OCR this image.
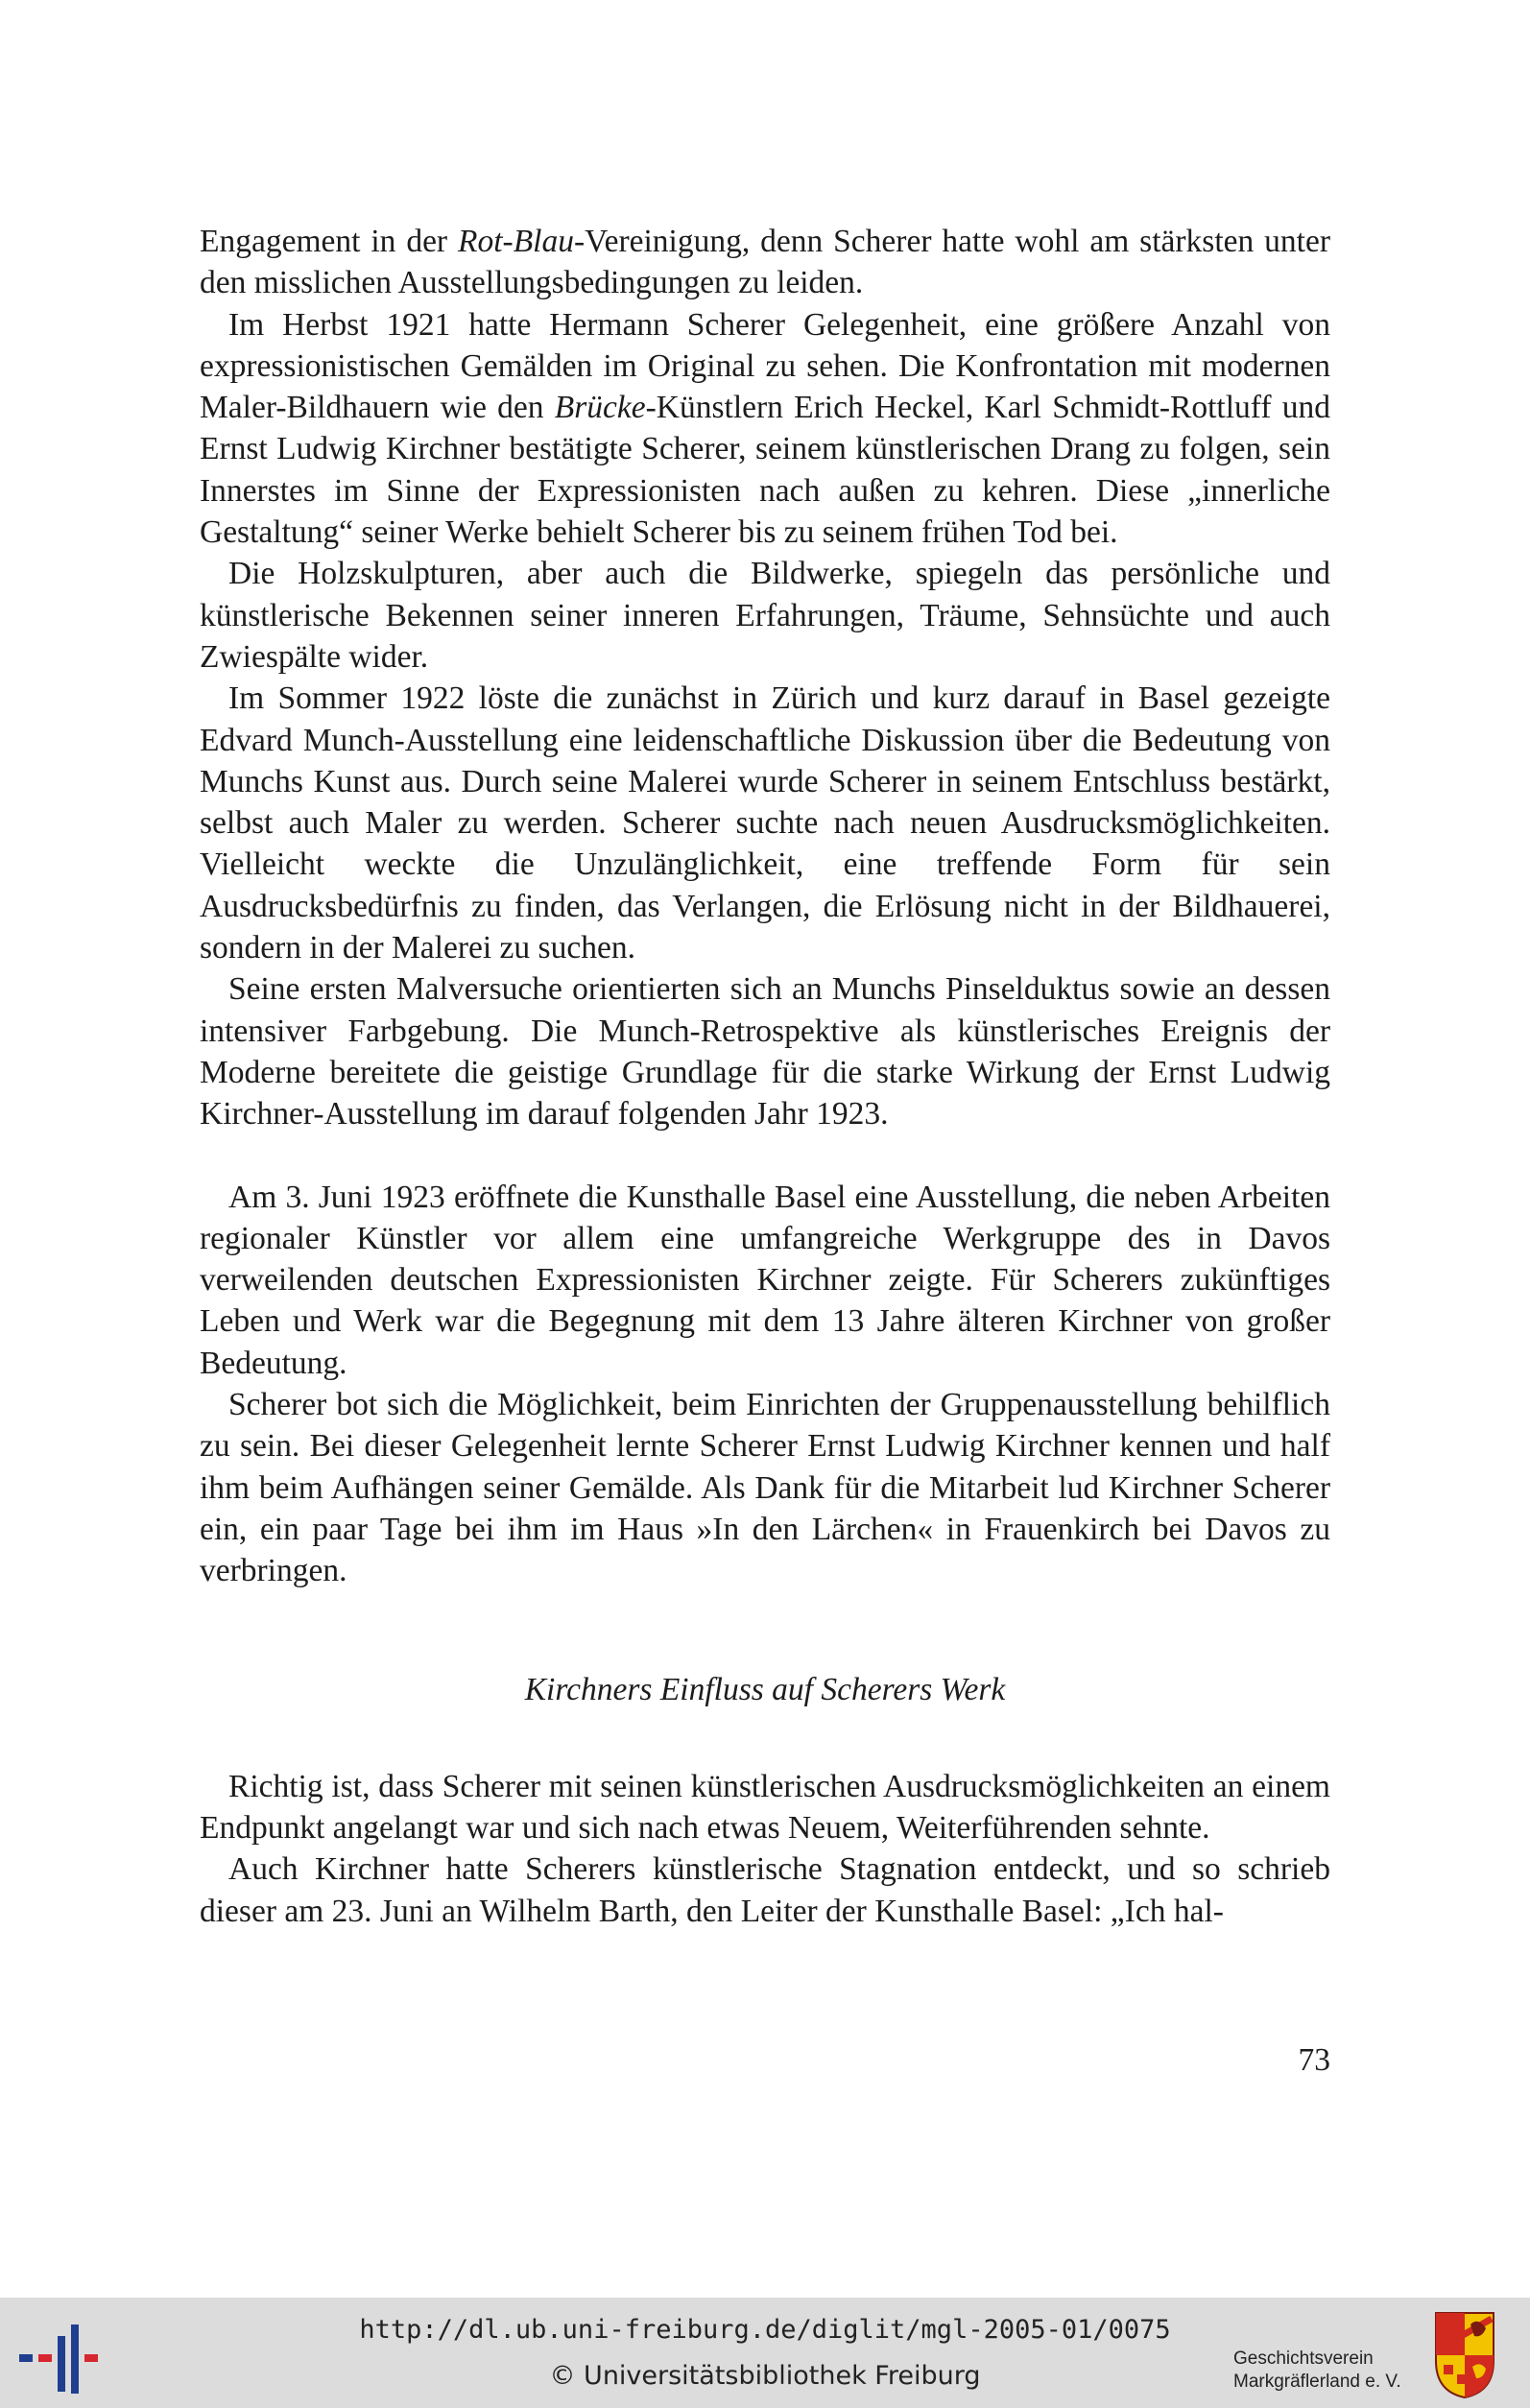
Engagement in der Rot-Blau-Vereinigung, denn Scherer hatte wohl am stärksten unter den misslichen Ausstellungsbedingungen zu leiden.

Im Herbst 1921 hatte Hermann Scherer Gelegenheit, eine größere Anzahl von expressionistischen Gemälden im Original zu sehen. Die Konfrontation mit modernen Maler-Bildhauern wie den Brücke-Künstlern Erich Heckel, Karl Schmidt-Rottluff und Ernst Ludwig Kirchner bestätigte Scherer, seinem künstlerischen Drang zu folgen, sein Innerstes im Sinne der Expressionisten nach außen zu kehren. Diese „innerliche Gestaltung“ seiner Werke behielt Scherer bis zu seinem frühen Tod bei.

Die Holzskulpturen, aber auch die Bildwerke, spiegeln das persönliche und künstlerische Bekennen seiner inneren Erfahrungen, Träume, Sehnsüchte und auch Zwiespälte wider.

Im Sommer 1922 löste die zunächst in Zürich und kurz darauf in Basel gezeigte Edvard Munch-Ausstellung eine leidenschaftliche Diskussion über die Bedeutung von Munchs Kunst aus. Durch seine Malerei wurde Scherer in seinem Entschluss bestärkt, selbst auch Maler zu werden. Scherer suchte nach neuen Ausdrucksmöglichkeiten. Vielleicht weckte die Unzulänglichkeit, eine treffende Form für sein Ausdrucksbedürfnis zu finden, das Verlangen, die Erlösung nicht in der Bildhauerei, sondern in der Malerei zu suchen.

Seine ersten Malversuche orientierten sich an Munchs Pinselduktus sowie an dessen intensiver Farbgebung. Die Munch-Retrospektive als künstlerisches Ereignis der Moderne bereitete die geistige Grundlage für die starke Wirkung der Ernst Ludwig Kirchner-Ausstellung im darauf folgenden Jahr 1923.

Am 3. Juni 1923 eröffnete die Kunsthalle Basel eine Ausstellung, die neben Arbeiten regionaler Künstler vor allem eine umfangreiche Werkgruppe des in Davos verweilenden deutschen Expressionisten Kirchner zeigte. Für Scherers zukünftiges Leben und Werk war die Begegnung mit dem 13 Jahre älteren Kirchner von großer Bedeutung.

Scherer bot sich die Möglichkeit, beim Einrichten der Gruppenausstellung behilflich zu sein. Bei dieser Gelegenheit lernte Scherer Ernst Ludwig Kirchner kennen und half ihm beim Aufhängen seiner Gemälde. Als Dank für die Mitarbeit lud Kirchner Scherer ein, ein paar Tage bei ihm im Haus »In den Lärchen« in Frauenkirch bei Davos zu verbringen.

Kirchners Einfluss auf Scherers Werk

Richtig ist, dass Scherer mit seinen künstlerischen Ausdrucksmöglichkeiten an einem Endpunkt angelangt war und sich nach etwas Neuem, Weiterführenden sehnte.

Auch Kirchner hatte Scherers künstlerische Stagnation entdeckt, und so schrieb dieser am 23. Juni an Wilhelm Barth, den Leiter der Kunsthalle Basel: „Ich hal-

73
http://dl.ub.uni-freiburg.de/diglit/mgl-2005-01/0075
© Universitätsbibliothek Freiburg
Geschichtsverein
Markgräflerland e. V.
